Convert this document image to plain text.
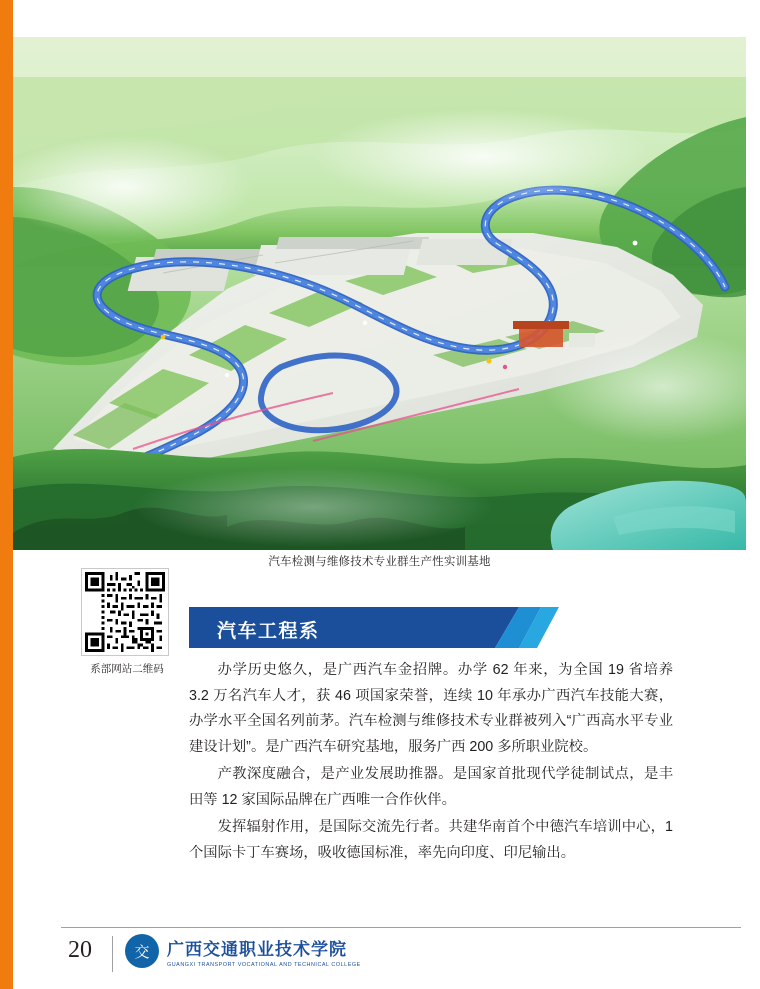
汽车检测与维修技术专业群生产性实训基地
系部网站二维码
汽车工程系

办学历史悠久，是广西汽车金招牌。办学 62 年来，为全国 19 省培养 3.2 万名汽车人才，获 46 项国家荣誉，连续 10 年承办广西汽车技能大赛，办学水平全国名列前茅。汽车检测与维修技术专业群被列入“广西高水平专业建设计划”。是广西汽车研究基地，服务广西 200 多所职业院校。

产教深度融合，是产业发展助推器。是国家首批现代学徒制试点，是丰田等 12 家国际品牌在广西唯一合作伙伴。

发挥辐射作用，是国际交流先行者。共建华南首个中德汽车培训中心，1 个国际卡丁车赛场，吸收德国标准，率先向印度、印尼输出。

20	交	广西交通职业技术学院
GUANGXI TRANSPORT VOCATIONAL AND TECHNICAL COLLEGE
